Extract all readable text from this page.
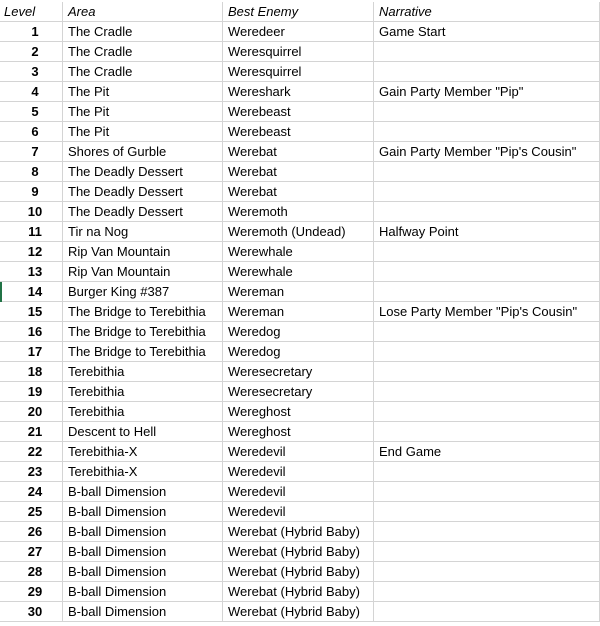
Level	Area	Best Enemy	Narrative
1	The Cradle	Weredeer	Game Start
2	The Cradle	Weresquirrel
3	The Cradle	Weresquirrel
4	The Pit	Wereshark	Gain Party Member "Pip"
5	The Pit	Werebeast
6	The Pit	Werebeast
7	Shores of Gurble	Werebat	Gain Party Member "Pip's Cousin"
8	The Deadly Dessert	Werebat
9	The Deadly Dessert	Werebat
10	The Deadly Dessert	Weremoth
11	Tir na Nog	Weremoth (Undead)	Halfway Point
12	Rip Van Mountain	Werewhale
13	Rip Van Mountain	Werewhale
14	Burger King #387	Wereman
15	The Bridge to Terebithia	Wereman	Lose Party Member "Pip's Cousin"
16	The Bridge to Terebithia	Weredog
17	The Bridge to Terebithia	Weredog
18	Terebithia	Weresecretary
19	Terebithia	Weresecretary
20	Terebithia	Wereghost
21	Descent to Hell	Wereghost
22	Terebithia-X	Weredevil	End Game
23	Terebithia-X	Weredevil
24	B-ball Dimension	Weredevil
25	B-ball Dimension	Weredevil
26	B-ball Dimension	Werebat (Hybrid Baby)
27	B-ball Dimension	Werebat (Hybrid Baby)
28	B-ball Dimension	Werebat (Hybrid Baby)
29	B-ball Dimension	Werebat (Hybrid Baby)
30	B-ball Dimension	Werebat (Hybrid Baby)
